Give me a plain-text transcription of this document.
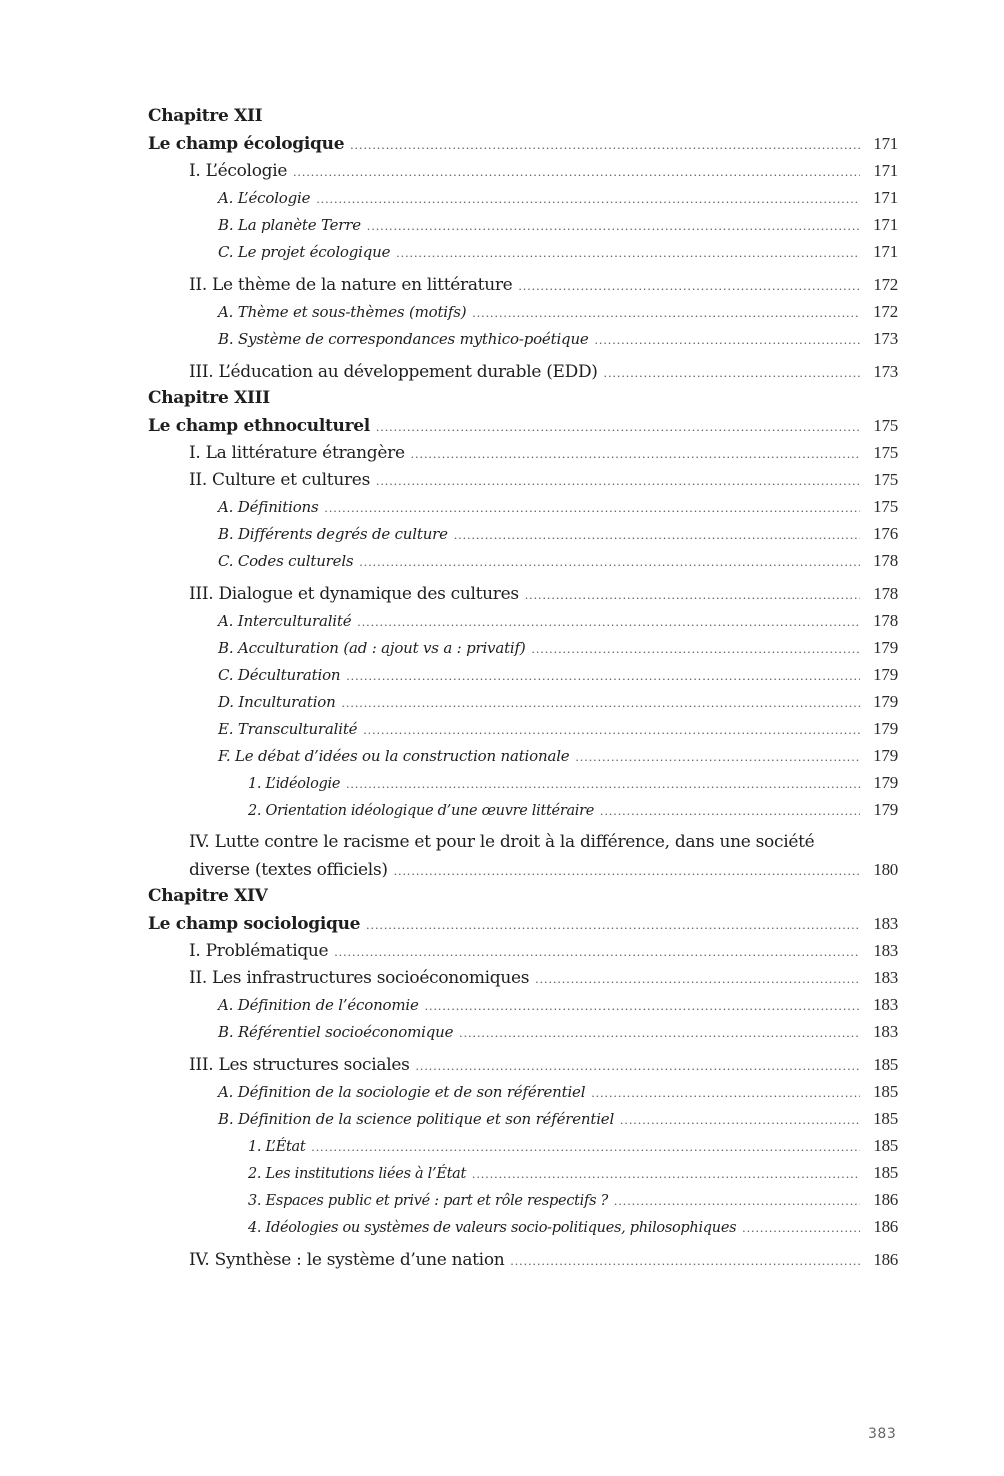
Chapitre XII
Le champ écologique .....	171
I. L’écologie .....	171
A. L’écologie .....	171
B. La planète Terre .....	171
C. Le projet écologique .....	171
II. Le thème de la nature en littérature .....	172
A. Thème et sous-thèmes (motifs) .....	172
B. Système de correspondances mythico-poétique .....	173
III. L’éducation au développement durable (EDD) .....	173
Chapitre XIII
Le champ ethnoculturel .....	175
I. La littérature étrangère .....	175
II. Culture et cultures .....	175
A. Définitions .....	175
B. Différents degrés de culture .....	176
C. Codes culturels .....	178
III. Dialogue et dynamique des cultures .....	178
A. Interculturalité .....	178
B. Acculturation (ad : ajout vs a : privatif) .....	179
C. Déculturation .....	179
D. Inculturation .....	179
E. Transculturalité .....	179
F. Le débat d’idées ou la construction nationale .....	179
1. L’idéologie .....	179
2. Orientation idéologique d’une œuvre littéraire .....	179
IV. Lutte contre le racisme et pour le droit à la différence, dans une société
diverse (textes officiels) .....	180
Chapitre XIV
Le champ sociologique .....	183
I. Problématique .....	183
II. Les infrastructures socioéconomiques .....	183
A. Définition de l’économie .....	183
B. Référentiel socioéconomique .....	183
III. Les structures sociales .....	185
A. Définition de la sociologie et de son référentiel .....	185
B. Définition de la science politique et son référentiel .....	185
1. L’État .....	185
2. Les institutions liées à l’État .....	185
3. Espaces public et privé : part et rôle respectifs ? .....	186
4. Idéologies ou systèmes de valeurs socio-politiques, philosophiques .....	186
IV. Synthèse : le système d’une nation .....	186
383
